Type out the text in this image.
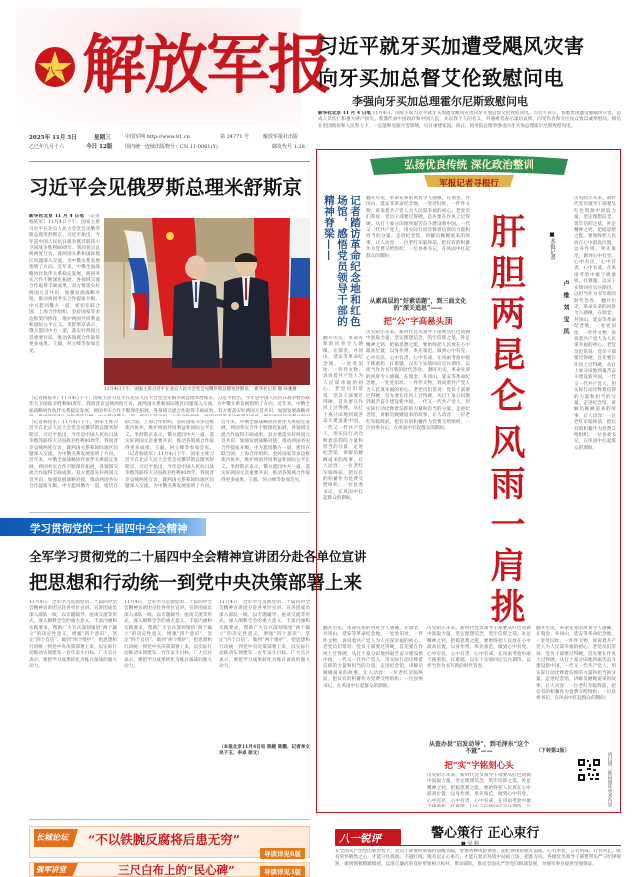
八一 解放军报
2025年 11月 5日	星期三
乙巳年九月十六	今日 12版
中国军网 http://www.81.cn	第 24771 号	解放军报社出版
国内统一连续出版物号：CN 11-0061(Y)	邮发代号 1-26
习近平就牙买加遭受飓风灾害
向牙买加总督艾伦致慰问电
李强向牙买加总理霍尔尼斯致慰问电
新华社北京 11 月 4 日电 11月4日，国家主席习近平就牙买加遭受飓风灾害向牙买加总督艾伦致慰问电。习近平表示，惊悉贵国遭受强飓风灾害，造成人员伤亡和重大财产损失。我谨代表中国政府和中国人民，并以我个人的名义，对遇难者表示深切哀悼，向受伤者和灾区民众致以诚挚慰问。相信在贵国政府和人民努力下，一定能够克服灾害影响，早日重建家园。同日，国务院总理李强也向牙买加总理霍尔尼斯致慰问电。
习近平会见俄罗斯总理米舒斯京
新华社北京 11 月 4 日电 （记者杨依军）11月4日下午，国家主席习近平在北京人民大会堂会见俄罗斯总理米舒斯京。习近平指出，今年是中国人民抗日战争暨苏联伟大卫国战争胜利80周年。我同普京总统两度互访，就两国关系和国际地区问题深入交流，为中俄关系发展指明了方向。近年来，中俄全面战略协作伙伴关系稳定发展，两国务实合作不断深化拓展，各领域交流合作取得丰硕成果。双方要落实好两国元首共识，加强发展战略对接，推动两国务实合作提质升级。中方愿同俄方一道，密切在联合国、上海合作组织、金砖国家等多边框架内协作，维护两国共同利益和国际公平正义。米舒斯京表示，俄方愿同中方一道，落实好两国元首重要共识，推动各领域合作取得更多成果。王毅、何立峰等参加会见。
11月4日上午，国家主席习近平在北京人民大会堂会见俄罗斯总理米舒斯京。 新华社记者 谢 环驰摄
（记者杨依军）11月4日下午，国家主席习近平在北京人民大会堂会见俄罗斯总理米舒斯京。习近平指出，今年是中国人民抗日战争暨苏联伟大卫国战争胜利80周年。我同普京总统两度互访，就两国关系和国际地区问题深入交流，为中俄关系发展指明了方向。近年来，中俄全面战略协作伙伴关系稳定发展，两国务实合作不断深化拓展，各领域交流合作取得丰硕成果。双方要落实好两国元首共识，加强发展战略对
学习贯彻党的二十届四中全会精神
全军学习贯彻党的二十届四中全会精神宣讲团分赴各单位宣讲
把思想和行动统一到党中央决策部署上来
11月4日，全军学习贯彻党的二十届四中全会精神宣讲团分赴各单位宣讲。宣讲团成员深入部队一线，以专题辅导、座谈交流等形式，深入阐释全会的重大意义、丰富内涵和实践要求，帮助广大官兵深刻领悟“两个确立”的决定性意义，增强“四个意识”、坚定“四个自信”、做到“两个维护”，把思想和行动统一到党中央决策部署上来，以实际行动推动实现建军一百年奋斗目标。广大官兵表示，要把学习成果转化为练兵备战的强大动力。
11月4日，全军学习贯彻党的二十届四中全会精神宣讲团分赴各单位宣讲。宣讲团成员深入部队一线，以专题辅导、座谈交流等形式，深入阐释全会的重大意义、丰富内涵和实践要求，帮助广大官兵深刻领悟“两个确立”的决定性意义，增强“四个意识”、坚定“四个自信”、做到“两个维护”，把思想和行动统一到党中央决策部署上来，以实际行动推动实现建军一百年奋斗目标。广大官兵表示，要把学习成果转化为练兵备战的强大动力。
11月4日，全军学习贯彻党的二十届四中全会精神宣讲团分赴各单位宣讲。宣讲团成员深入部队一线，以专题辅导、座谈交流等形式，深入阐释全会的重大意义、丰富内涵和实践要求，帮助广大官兵深刻领悟“两个确立”的决定性意义，增强“四个意识”、坚定“四个自信”、做到“两个维护”，把思想和行动统一到党中央决策部署上来，以实际行动推动实现建军一百年奋斗目标。广大官兵表示，要把学习成果转化为练兵备战的强大动力。
（本报北京11月4日电 陈婉 陈鹏、记者李文 吴子玉、李卓 徐文）
弘扬优良传统 深化政治整训
军报记者寻根行
肝
胆
两
昆
仑
风
雨
一
肩
挑
记者踏访革命纪念地和红色场馆，感悟党员领导干部的精神脊梁——	■本报记者
卢 维 刘 宝 凤
翻开历史，革命先辈的风骨令人感佩。在瑞金、井冈山、延安等革命纪念地，一处处旧址、一件件文物，诉说着共产党人为人民谋幸福的初心。老党员们常说：党员干部要过得硬，首先要在作风上过得硬。从打土豪分田地到艰苦奋斗建设新中国，一代又一代共产党人，用实际行动诠释着信仰的力量和担当的分量。走进纪念馆，讲解员娓娓道来的故事，让人动容：一位老红军临终前，把仅有的积蓄作为党费交给组织；一位县委书记，在风雨中扛起群众的期盼。
从素高层的“好素话题”，到三面文化的“深关追思”——
把“公”字高悬头顶
历史昭示未来。新时代党员领导干部要从红色资源中汲取力量，坚定理想信念，筑牢信仰之基，补足精神之钙，把稳思想之舵。要始终把人民放在心中最高位置，以身作则、率先垂范，做到心中有党、心中有民、心中有责、心中有戒，在风雨考验中敢于挑重担、扛难题，以实干实绩回应官兵期待，以担当作为书写新的时代答卷。 翻开历史，革命先辈的风骨令人感佩。在瑞金、井冈山、延安等革命纪念地，一处处旧址、一件件文物，诉说着共产党人为人民谋幸福的初心。老党员们常说：党员干部要过得硬，首先要在作风上过得硬。从打土豪分田地到艰苦奋斗建设新中国，一代又一代共产党人，用实际行动诠释着信仰的力量和担当的分量。走进纪念馆，讲解员娓娓道来的故事，让人动容：一位老红军临终前，把仅有的积蓄作为党费交给组织；一位县委书记，在风雨中扛起群众的期盼。
翻开历史，革命先辈的风骨令人感佩。在瑞金、井冈山、延安等革命纪念地，一处处旧址、一件件文物，诉说着共产党人为人民谋幸福的初心。老党员们常说：党员干部要过得硬，首先要在作风上过得硬。从打土豪分田地到艰苦奋斗建设新中国，一代又一代共产党人，用实际行动诠释着信仰的力量和担当的分量。走进纪念馆，讲解员娓娓道来的故事，让人动容：一位老红军临终前，把仅有的积蓄作为党费交给组织；一位县委书记，在风雨中扛起群众的期盼。
历史昭示未来。新时代党员领导干部要从红色资源中汲取力量，坚定理想信念，筑牢信仰之基，补足精神之钙，把稳思想之舵。要始终把人民放在心中最高位置，以身作则、率先垂范，做到心中有党、心中有民、心中有责、心中有戒，在风雨考验中敢于挑重担、扛难题，以实干实绩回应官兵期待，以担当作为书写新的时代答卷。 翻开历史，革命先辈的风骨令人感佩。在瑞金、井冈山、延安等革命纪念地，一处处旧址、一件件文物，诉说着共产党人为人民谋幸福的初心。老党员们常说：党员干部要过得硬，首先要在作风上过得硬。从打土豪分田地到艰苦奋斗建设新中国，一代又一代共产党人，用实际行动诠释着信仰的力量和担当的分量。走进纪念馆，讲解员娓娓道来的故事，让人动容：一位老红军临终前，把仅有的积蓄作为党费交给组织；一位县委书记，在风雨中扛起群众的期盼。
翻开历史，革命先辈的风骨令人感佩。在瑞金、井冈山、延安等革命纪念地，一处处旧址、一件件文物，诉说着共产党人为人民谋幸福的初心。老党员们常说：党员干部要过得硬，首先要在作风上过得硬。从打土豪分田地到艰苦奋斗建设新中国，一代又一代共产党人，用实际行动诠释着信仰的力量和担当的分量。走进纪念馆，讲解员娓娓道来的故事，让人动容：一位老红军临终前，把仅有的积蓄作为党费交给组织；一位县委书记，在风雨中扛起群众的期盼。
历史昭示未来。新时代党员领导干部要从红色资源中汲取力量，坚定理想信念，筑牢信仰之基，补足精神之钙，把稳思想之舵。要始终把人民放在心中最高位置，以身作则、率先垂范，做到心中有党、心中有民、心中有责、心中有戒，在风雨考验中敢于挑重担、扛难题，以实干实绩回应官兵期待，以担当作为书写新的时代答卷。
从查办县“启发动导”，到毛泽东“这个不就”——
把“实”字铭刻心头
历史昭示未来。新时代党员领导干部要从红色资源中汲取力量，坚定理想信念，筑牢信仰之基，补足精神之钙，把稳思想之舵。要始终把人民放在心中最高位置，以身作则、率先垂范，做到心中有党、心中有民、心中有责、心中有戒，在风雨考验中敢
翻开历史，革命先辈的风骨令人感佩。在瑞金、井冈山、延安等革命纪念地，一处处旧址、一件件文物，诉说着共产党人为人民谋幸福的初心。老党员们常说：党员干部要过得硬，首先要在作风上过得硬。从打土豪分田地到艰苦奋斗建设新中国，一代又一代共产党人，用实际行动诠释着信仰的力量和担当的分量。走进纪念馆，讲解员娓娓道来的故事，让人动容：一位老红军临终前，把仅有的积蓄作为党费交给组织；一位县委书记，在风雨中扛起群众的期盼。
（下转第2版）
请扫描二维码阅读更多内容
八一锐评	警心策行 正心束行
■ 吴 莉
在全面从严治党的新形势下，党员干部要时刻保持清醒头脑，警惕各种风险诱惑，把纪律规矩挺在前面。心有所畏，言有所戒，行有所止。唯有常怀敬畏之心，才能守住底线、不越红线；唯有以正心束行，才能在复杂环境中站稳立场、把准方向。各级党员领导干部要带头严守纪律规矩，做到慎独慎微慎初，以清正廉洁的良好形象树立标杆、带动部队，推动全面从严治党向纵深发展，为强军事业提供坚强保证。
长城论坛 “不以铁腕反腐将后患无穷”
导读详见6版
强军讲堂	三尺白布上的“民心碑”	导读详见3版
（记者杨依军）11月4日下午，国家主席习近平在北京人民大会堂会见俄罗斯总理米舒斯京。习近平指出，今年是中国人民抗日战争暨苏联伟大卫国战争胜利80周年。我同普京总统两度互访，就两国关系和国际地区问题深入交流，为中俄关系发展指明了方向。近年来，中俄全面战略协作伙伴关系稳定发展，两国务实合作不断深化拓展，各领域交流合作取得丰硕成果。双方要落实好两国元首共识，加强发展战略对接，推动两国务实合作提质升级。中方愿同俄方一道，密切在联合国、上海合作组织、金砖国家等多边框架内协作，维护两国共同利益和国际公平正义。米舒斯京表示，俄方愿同中方一道，落实好两国元首重要共识，推动各领域合作取得更多成果。王毅、何立峰等参加会见。 （记者杨依军）11月4日下午，国家主席习近平在北京人民大会堂会见俄罗斯总理米舒斯京。习近平指出，今年是中国人民抗日战争暨苏联伟大卫国战争胜利80周年。我同普京总统两度互访，就两国关系和国际地区问题深入交流，为中俄关系发展指明了方向。近年来，中俄全面战略协作伙伴关系稳定发展，两国务实合作不断深化拓展，各领域交流合作取得丰硕成果。双方要落实好两国元首共识，加强发展战略对接，推动两国务实合作提质升级。中方愿同俄方一道，密切在联合国、上海合作组织、金砖国家等多边框架内协作，维护两国共同利益和国际公平正义。米舒斯京表示，俄方愿同中方一道，落实好两国元首重要共识，推动各领域合作取得更多成果。王毅、何立峰等参加会见。
